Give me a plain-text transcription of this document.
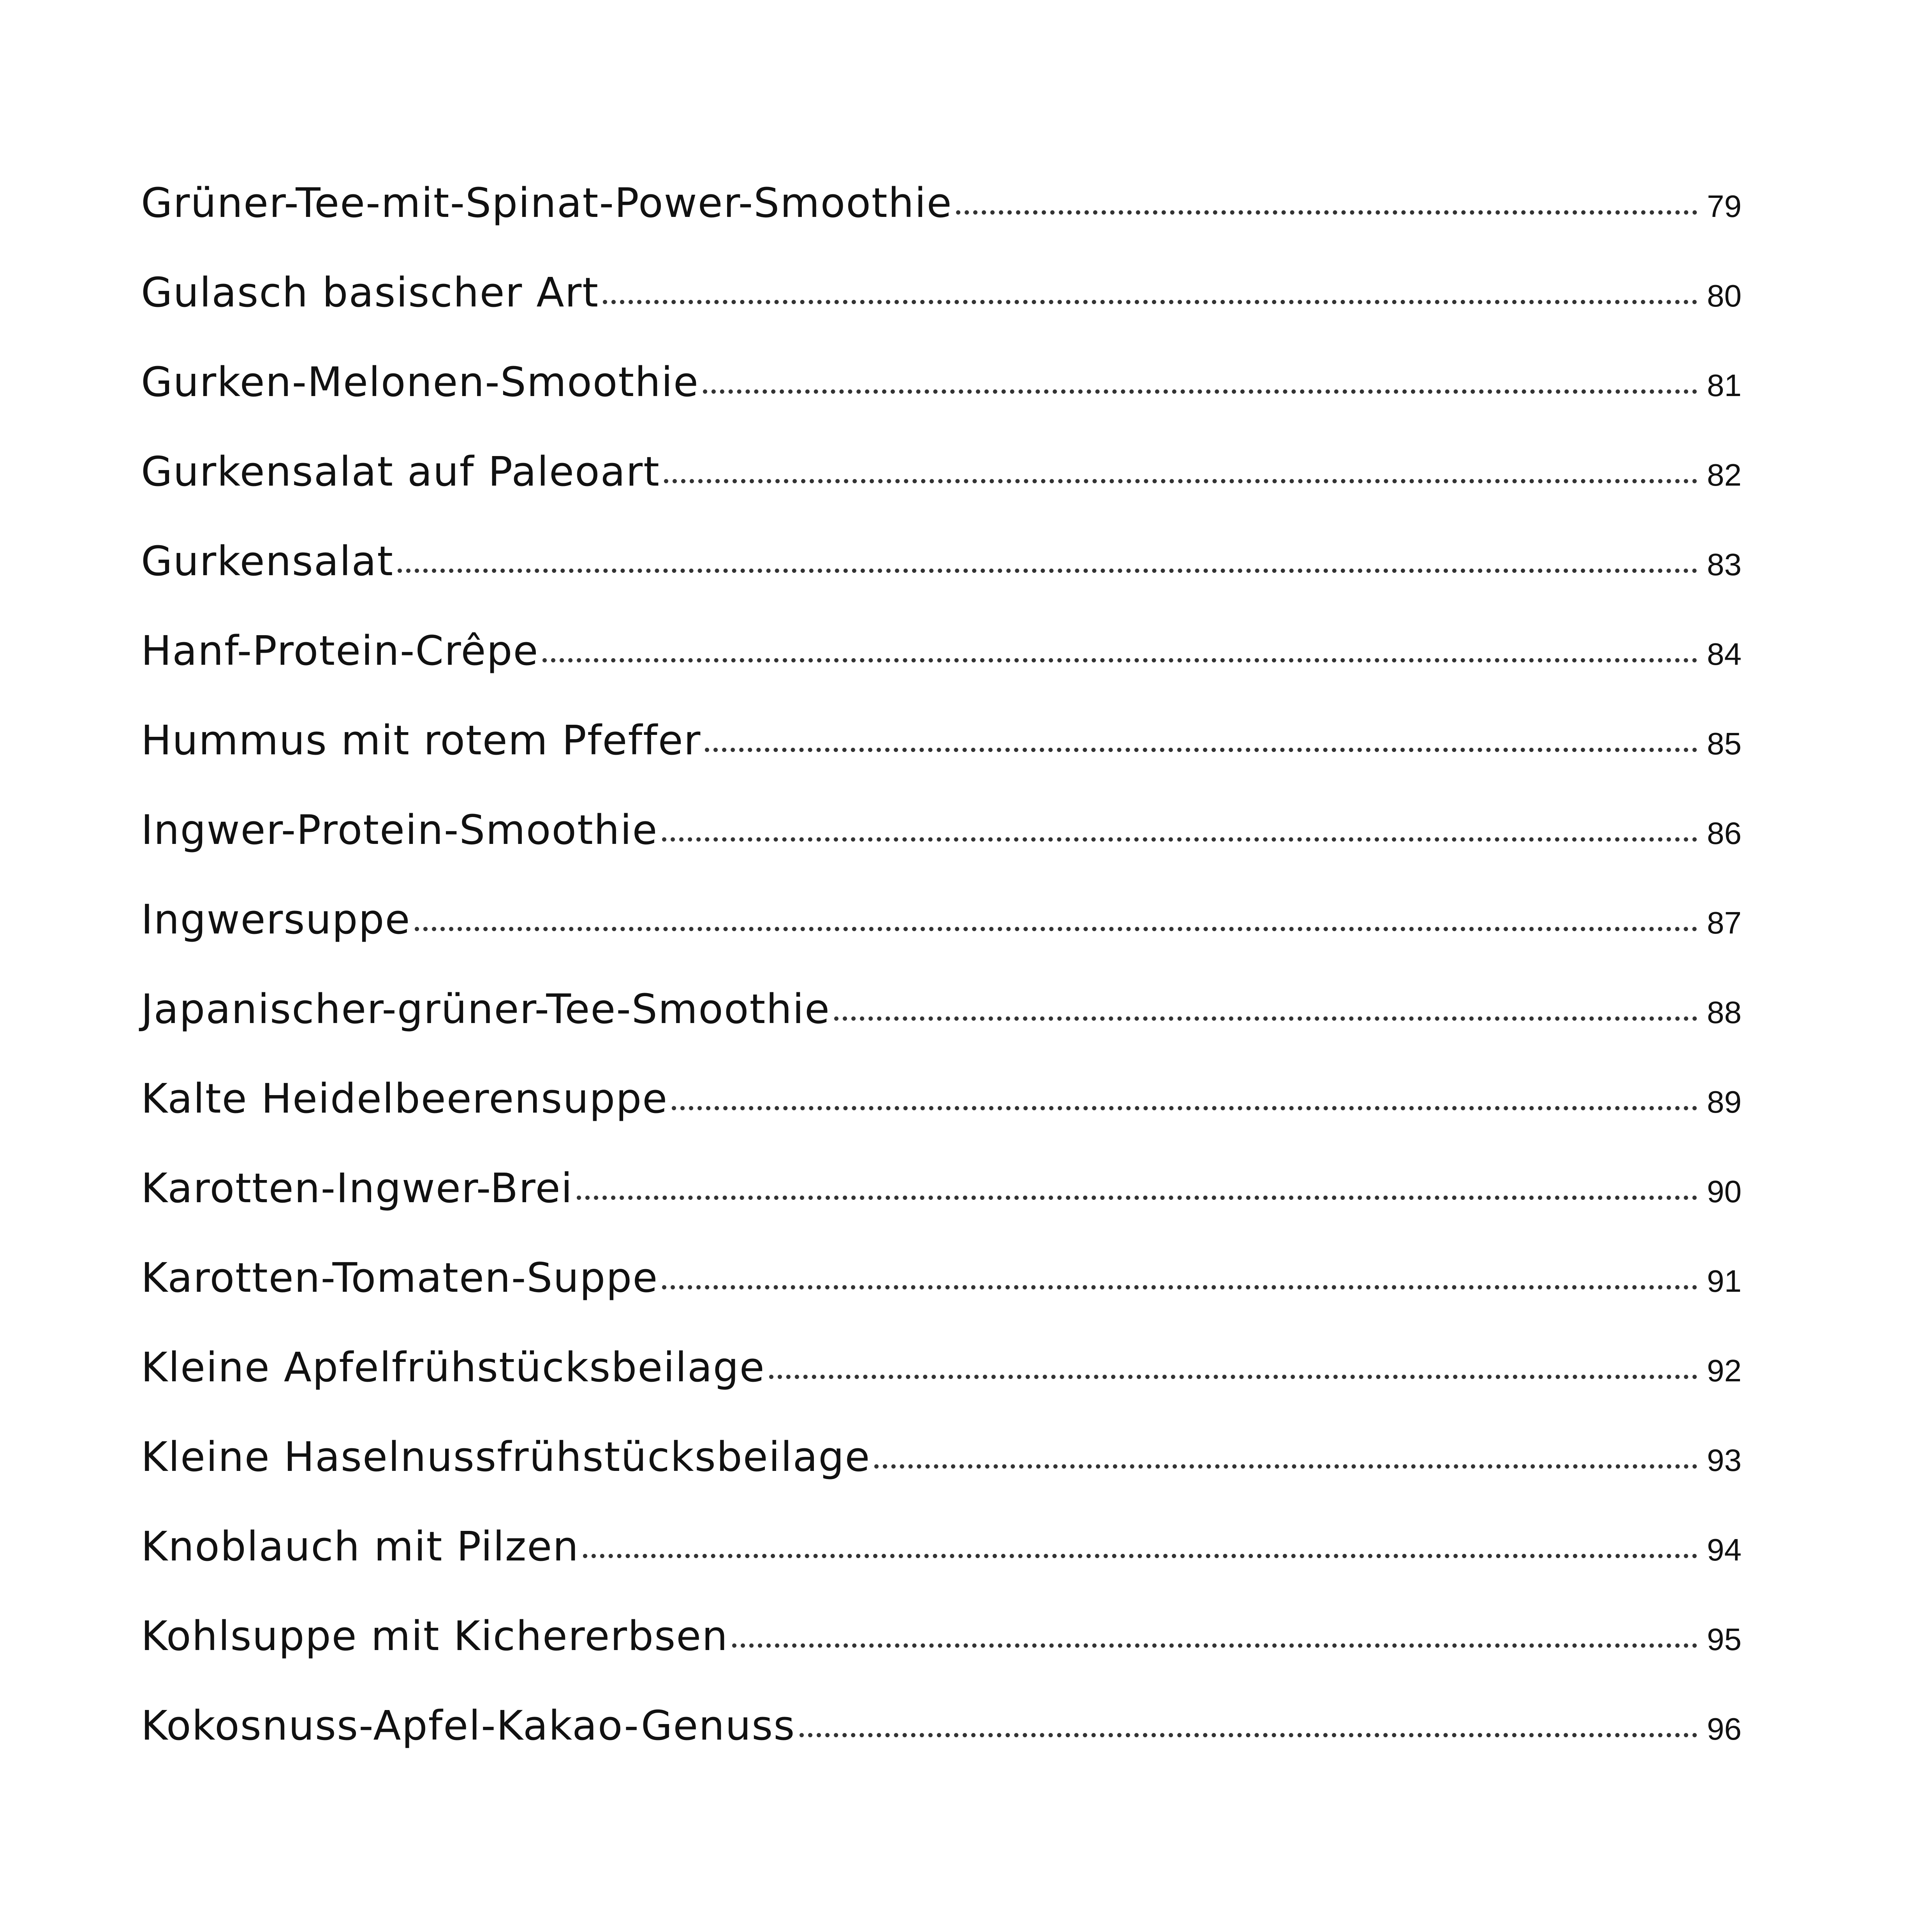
Grüner-Tee-mit-Spinat-Power-Smoothie	79
Gulasch basischer Art	80
Gurken-Melonen-Smoothie	81
Gurkensalat auf Paleoart	82
Gurkensalat	83
Hanf-Protein-Crêpe	84
Hummus mit rotem Pfeffer	85
Ingwer-Protein-Smoothie	86
Ingwersuppe	87
Japanischer-grüner-Tee-Smoothie	88
Kalte Heidelbeerensuppe	89
Karotten-Ingwer-Brei	90
Karotten-Tomaten-Suppe	91
Kleine Apfelfrühstücksbeilage	92
Kleine Haselnussfrühstücksbeilage	93
Knoblauch mit Pilzen	94
Kohlsuppe mit Kichererbsen	95
Kokosnuss-Apfel-Kakao-Genuss	96
